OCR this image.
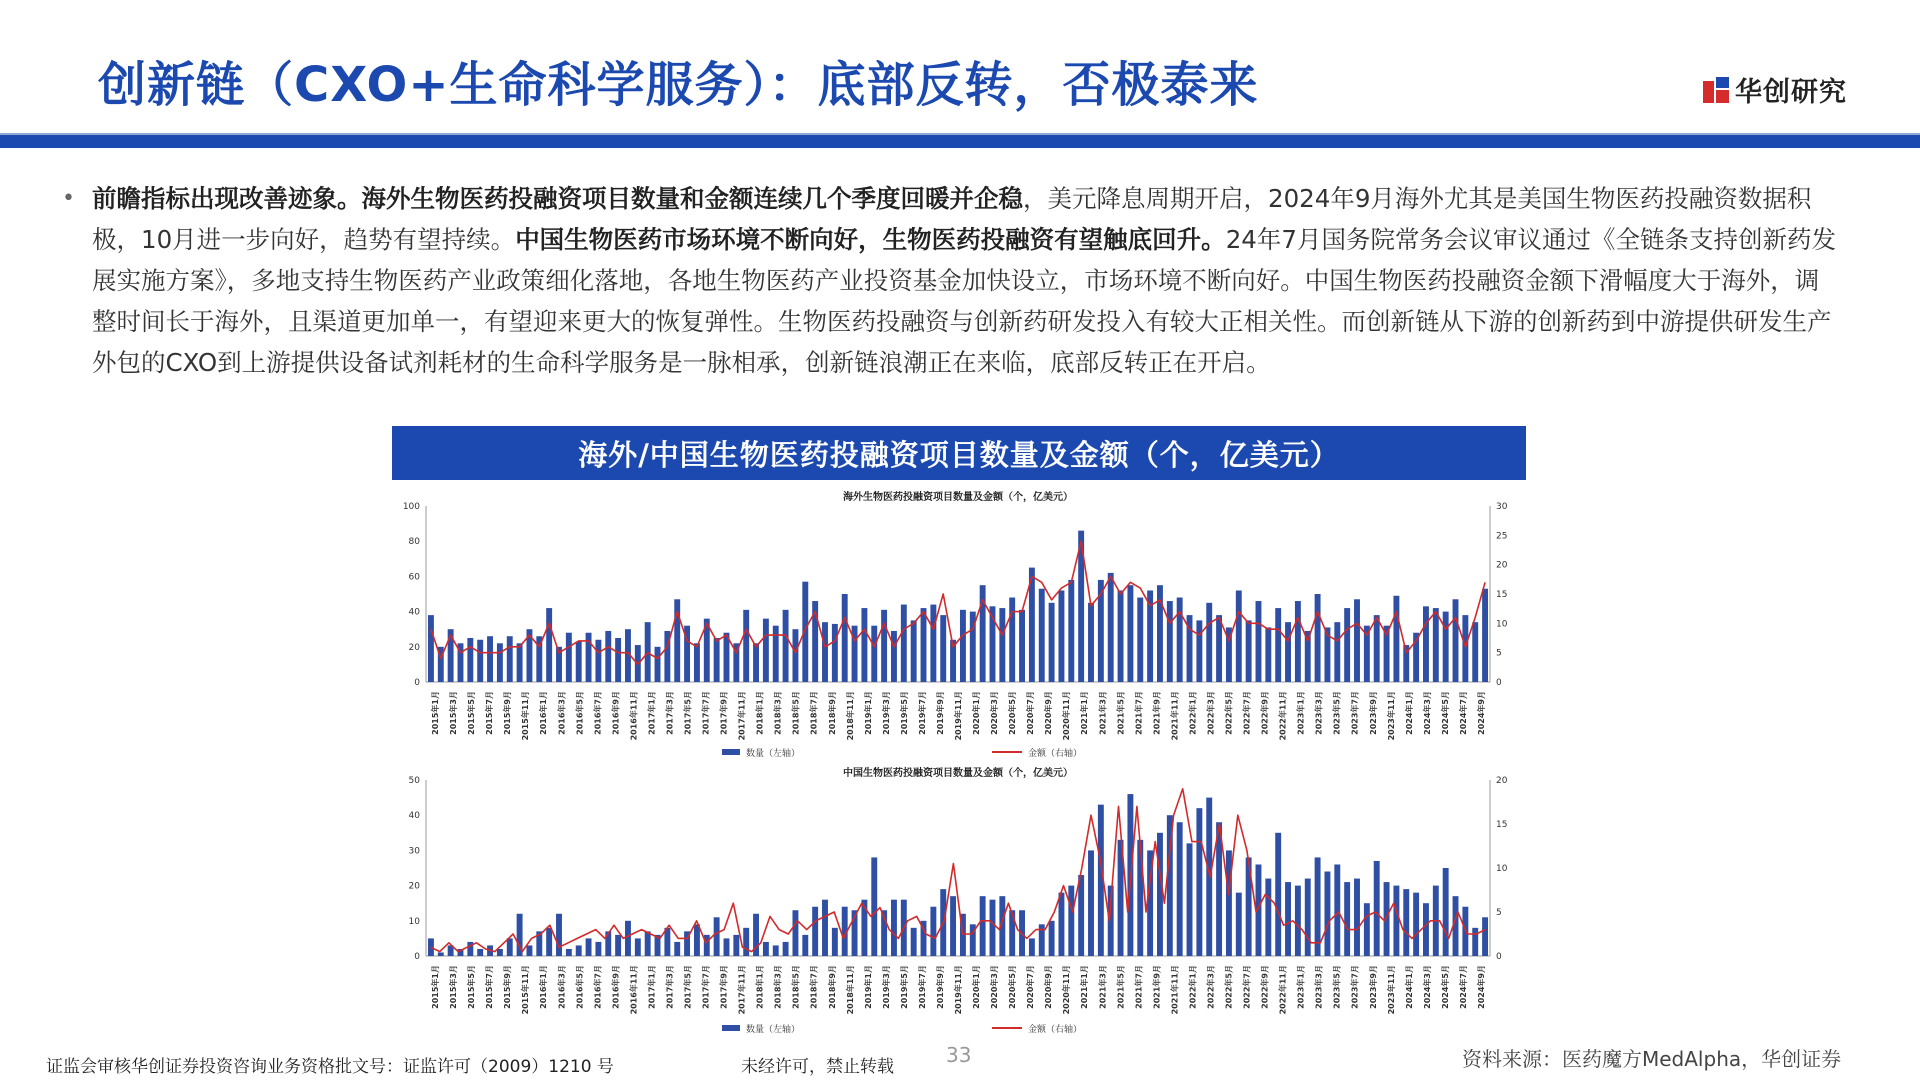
创新链（CXO+生命科学服务）：底部反转，否极泰来	华创研究
• 前瞻指标出现改善迹象。海外生物医药投融资项目数量和金额连续几个季度回暖并企稳，美元降息周期开启，2024年9月海外尤其是美国生物医药投融资数据积极，10月进一步向好，趋势有望持续。中国生物医药市场环境不断向好，生物医药投融资有望触底回升。24年7月国务院常务会议审议通过《全链条支持创新药发展实施方案》，多地支持生物医药产业政策细化落地，各地生物医药产业投资基金加快设立，市场环境不断向好。中国生物医药投融资金额下滑幅度大于海外，调整时间长于海外，且渠道更加单一，有望迎来更大的恢复弹性。生物医药投融资与创新药研发投入有较大正相关性。而创新链从下游的创新药到中游提供研发生产外包的CXO到上游提供设备试剂耗材的生命科学服务是一脉相承，创新链浪潮正在来临，底部反转正在开启。
海外/中国生物医药投融资项目数量及金额（个，亿美元）
海外生物医药投融资项目数量及金额（个，亿美元）
0
20
40
60
80
100
0
5
10
15
20
25
30
2015年1月 2015年3月 2015年5月 2015年7月 2015年9月 2015年11月 2016年1月 2016年3月 2016年5月 2016年7月 2016年9月 2016年11月 2017年1月 2017年3月 2017年5月 2017年7月 2017年9月 2017年11月 2018年1月 2018年3月 2018年5月 2018年7月 2018年9月 2018年11月 2019年1月 2019年3月 2019年5月 2019年7月 2019年9月 2019年11月 2020年1月 2020年3月 2020年5月 2020年7月 2020年9月 2020年11月 2021年1月 2021年3月 2021年5月 2021年7月 2021年9月 2021年11月 2022年1月 2022年3月 2022年5月 2022年7月 2022年9月 2022年11月 2023年1月 2023年3月 2023年5月 2023年7月 2023年9月 2023年11月 2024年1月 2024年3月 2024年5月 2024年7月 2024年9月
数量（左轴）	金额（右轴）
中国生物医药投融资项目数量及金额（个，亿美元）
0
10
20
30
40
50
0
5
10
15
20
2015年1月 2015年3月 2015年5月 2015年7月 2015年9月 2015年11月 2016年1月 2016年3月 2016年5月 2016年7月 2016年9月 2016年11月 2017年1月 2017年3月 2017年5月 2017年7月 2017年9月 2017年11月 2018年1月 2018年3月 2018年5月 2018年7月 2018年9月 2018年11月 2019年1月 2019年3月 2019年5月 2019年7月 2019年9月 2019年11月 2020年1月 2020年3月 2020年5月 2020年7月 2020年9月 2020年11月 2021年1月 2021年3月 2021年5月 2021年7月 2021年9月 2021年11月 2022年1月 2022年3月 2022年5月 2022年7月 2022年9月 2022年11月 2023年1月 2023年3月 2023年5月 2023年7月 2023年9月 2023年11月 2024年1月 2024年3月 2024年5月 2024年7月 2024年9月
数量（左轴）	金额（右轴）
证监会审核华创证券投资咨询业务资格批文号：证监许可（2009）1210 号	未经许可，禁止转载	33	资料来源：医药魔方MedAlpha，华创证券
